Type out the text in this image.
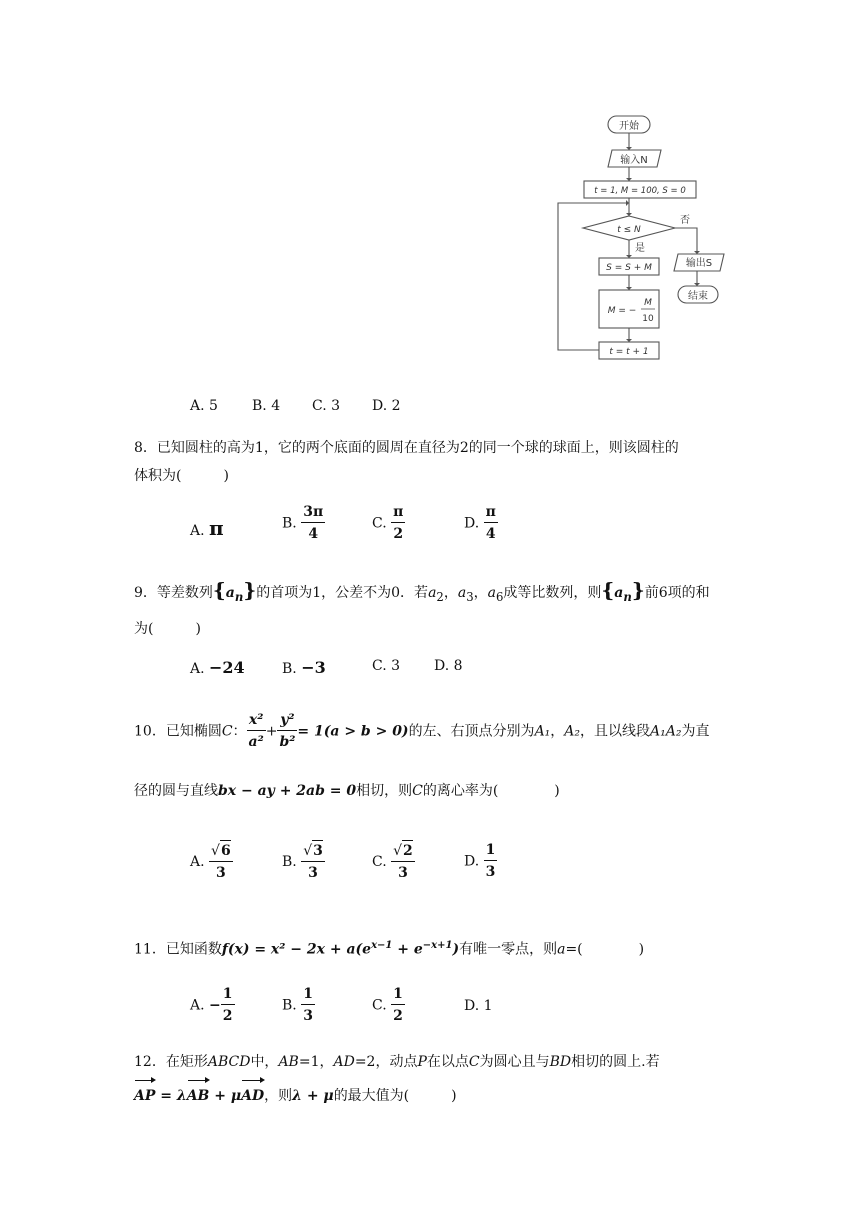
开始
输入N
t = 1, M = 100, S = 0
t ≤ N
否
是
S = S + M
M = −
M
10
t = t + 1
输出S
结束
A. 5 B. 4 C. 3 D. 2
8．已知圆柱的高为1，它的两个底面的圆周在直径为2的同一个球的球面上，则该圆柱的
体积为(　　　)
A. π	B. $\frac{3\pi}{4}$	C. $\frac{\pi}{2}$	D. $\frac{\pi}{4}$
9．等差数列$\{a_n\}$的首项为1，公差不为0．若$a_2$，$a_3$，$a_6$成等比数列，则$\{a_n\}$前6项的和
为(　　　)
A. −24	B. −3	C. 3 D. 8
10．已知椭圆C： $\frac{\text{x²}}{\text{a²}} + \frac{\text{y²}}{\text{b²}} = 1(a > b > 0)$的左、右顶点分别为A₁，A₂，且以线段A₁A₂为直
径的圆与直线bx − ay + 2ab = 0相切，则C的离心率为(　　　　)
A. $\frac{√6}{3}$	B. $\frac{√3}{3}$	C. $\frac{√2}{3}$	D. $\frac{1}{3}$
11．已知函数$f(x) = x^2 - 2x + a(e^{x-1} + e^{-x+1})$有唯一零点，则a=(　　　　)
A. − $\frac{1}{2}$	B. $\frac{1}{3}$	C. $\frac{1}{2}$	D. 1
12．在矩形ABCD中，AB=1，AD=2，动点P在以点C为圆心且与BD相切的圆上.若
AP = λAB + μAD，则λ + μ的最大值为(　　　)
